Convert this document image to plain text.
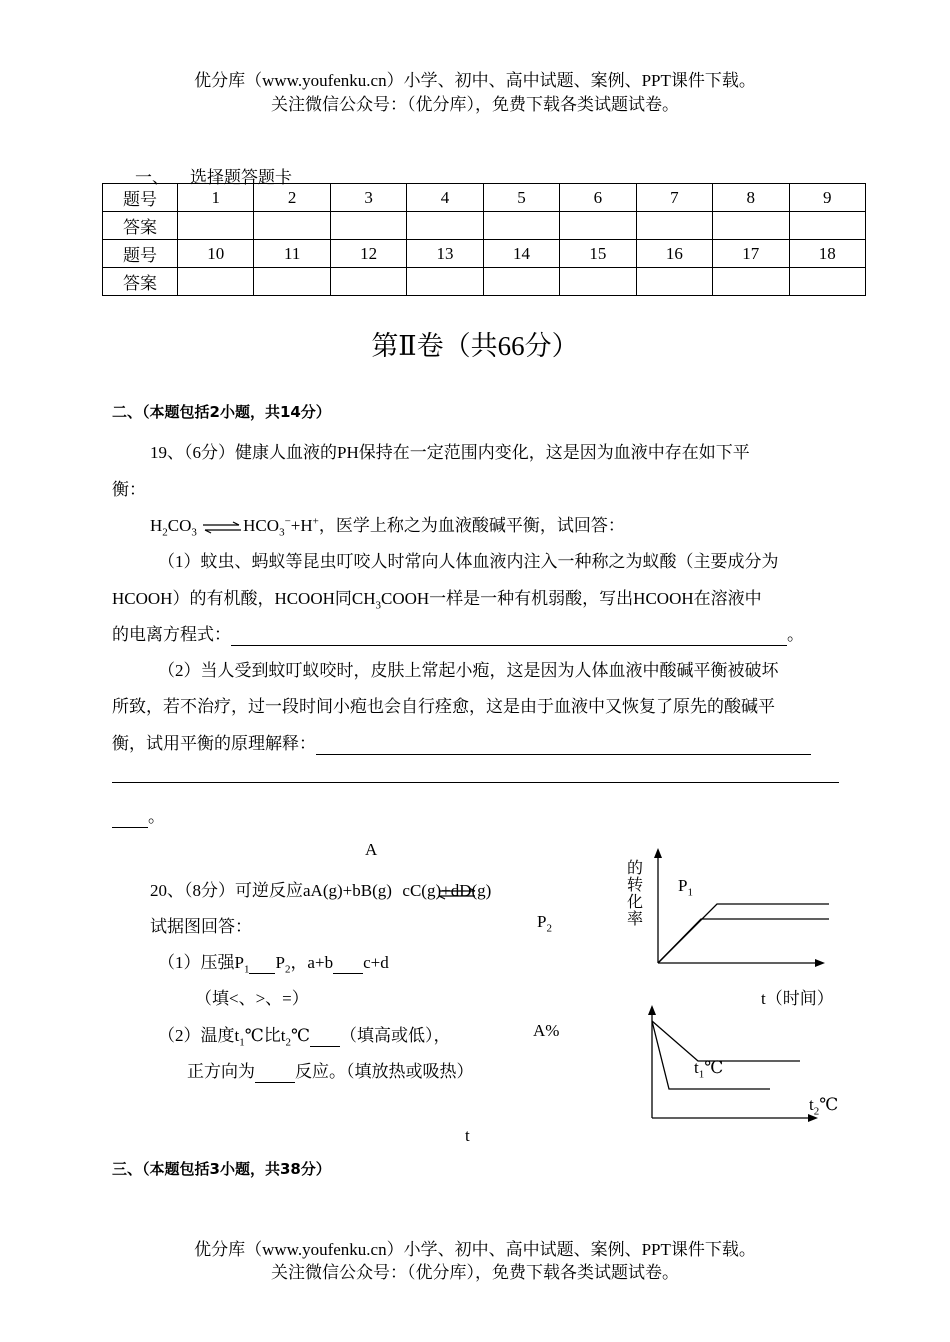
优分库（www.youfenku.cn）小学、初中、高中试题、案例、PPT课件下载。
关注微信公众号：（优分库），免费下载各类试题试卷。
一、 选择题答题卡
题号	1	2	3	4	5	6	7	8	9
答案									
题号	10	11	12	13	14	15	16	17	18
答案									
第Ⅱ卷（共66分）
二、（本题包括2小题，共14分）
19、（6分）健康人血液的PH保持在一定范围内变化，这是因为血液中存在如下平
衡：
$H_2CO_3$ $\rightleftharpoons HCO_3^-+H^+$，医学上称之为血液酸碱平衡，试回答：
（1）蚊虫、蚂蚁等昆虫叮咬人时常向人体血液内注入一种称之为蚁酸（主要成分为
HCOOH）的有机酸，HCOOH同$CH_3COOH$一样是一种有机弱酸，写出HCOOH在溶液中
的电离方程式：	。
（2）当人受到蚊叮蚁咬时，皮肤上常起小疱，这是因为人体血液中酸碱平衡被破坏
所致，若不治疗，过一段时间小疱也会自行痊愈，这是由于血液中又恢复了原先的酸碱平
衡，试用平衡的原理解释：
。
A
20、（8分）可逆反应aA(g)+bB(g) cC(g)+dD(g)
试据图回答：
（1）压强$P_1$ $P_2$，a+b c+d
（填<、>、=）
（2）温度$t_1℃$比$t_2℃$ （填高或低），
正方向为 反应。（填放热或吸热）
t
的
转
化
率
$P_1$
$P_2$
t（时间）
A%
$t_1℃$
$t_2℃$
三、（本题包括3小题，共38分）
优分库（www.youfenku.cn）小学、初中、高中试题、案例、PPT课件下载。
关注微信公众号：（优分库），免费下载各类试题试卷。
